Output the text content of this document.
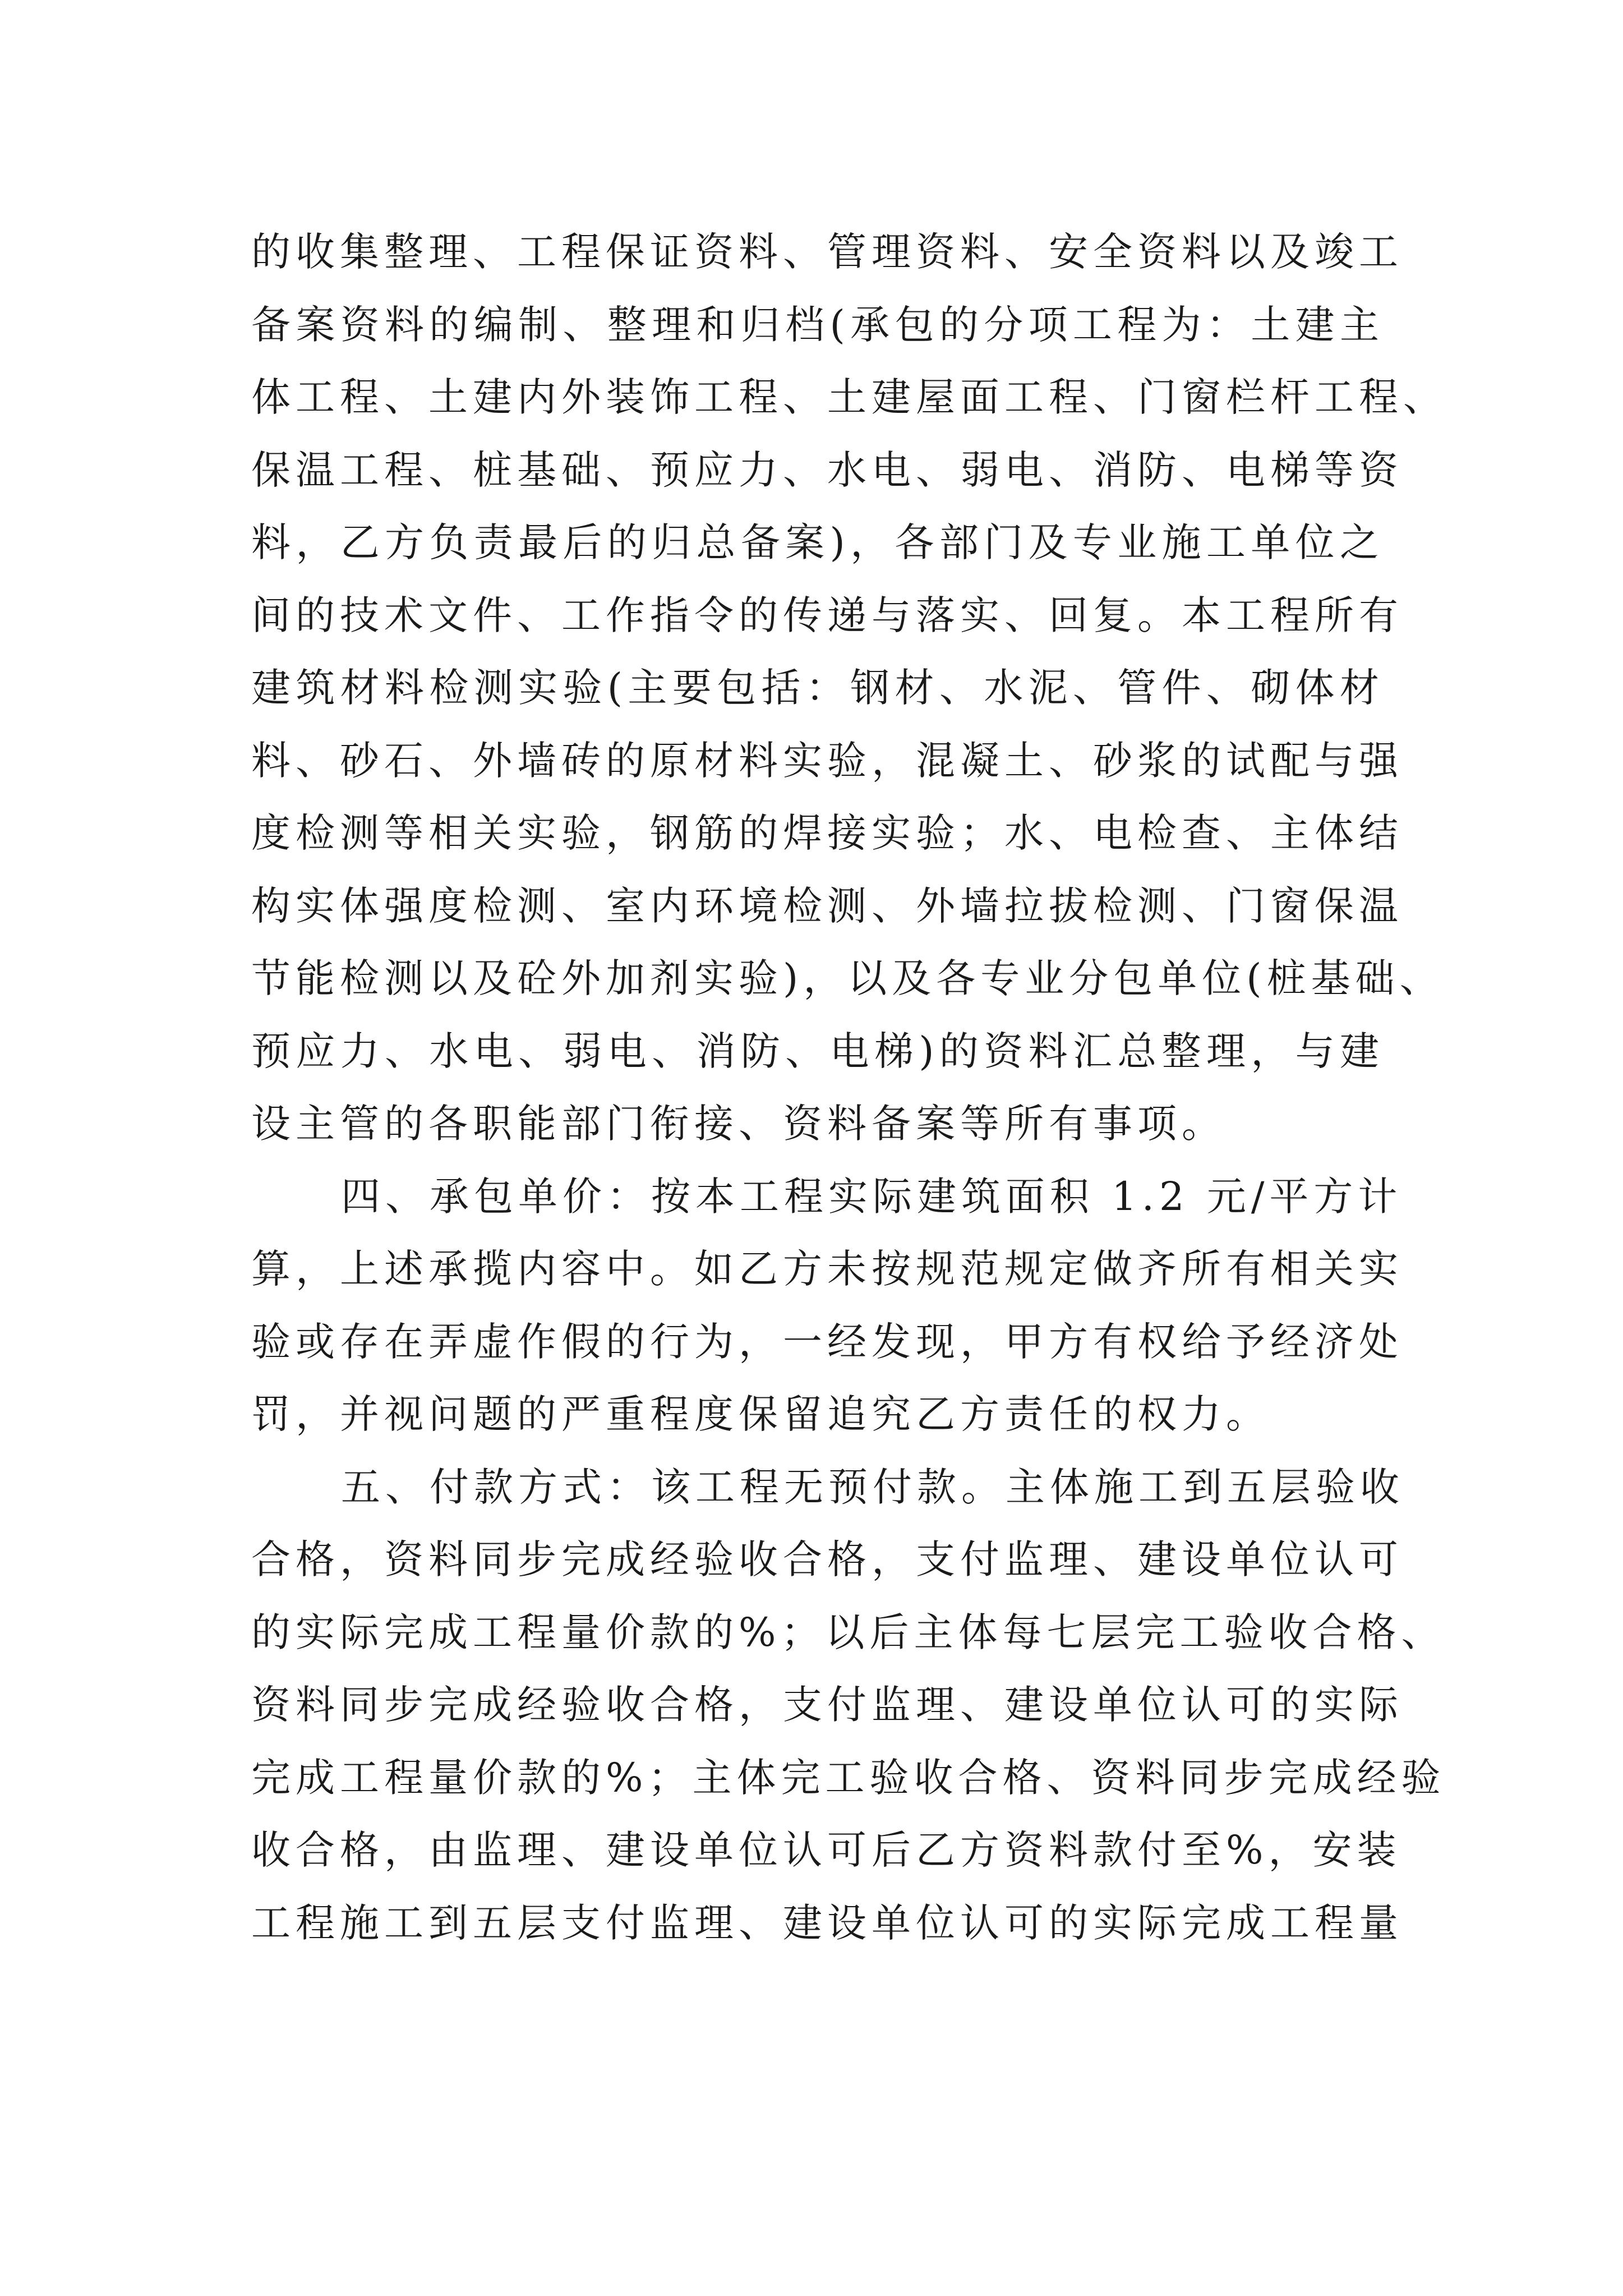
的收集整理、工程保证资料、管理资料、安全资料以及竣工
备案资料的编制、整理和归档(承包的分项工程为：土建主
体工程、土建内外装饰工程、土建屋面工程、门窗栏杆工程、
保温工程、桩基础、预应力、水电、弱电、消防、电梯等资
料，乙方负责最后的归总备案)，各部门及专业施工单位之
间的技术文件、工作指令的传递与落实、回复。本工程所有
建筑材料检测实验(主要包括：钢材、水泥、管件、砌体材
料、砂石、外墙砖的原材料实验，混凝土、砂浆的试配与强
度检测等相关实验，钢筋的焊接实验；水、电检查、主体结
构实体强度检测、室内环境检测、外墙拉拔检测、门窗保温
节能检测以及砼外加剂实验)，以及各专业分包单位(桩基础、
预应力、水电、弱电、消防、电梯)的资料汇总整理，与建
设主管的各职能部门衔接、资料备案等所有事项。
四、承包单价：按本工程实际建筑面积 1.2 元/平方计
算，上述承揽内容中。如乙方未按规范规定做齐所有相关实
验或存在弄虚作假的行为，一经发现，甲方有权给予经济处
罚，并视问题的严重程度保留追究乙方责任的权力。
五、付款方式：该工程无预付款。主体施工到五层验收
合格，资料同步完成经验收合格，支付监理、建设单位认可
的实际完成工程量价款的%；以后主体每七层完工验收合格、
资料同步完成经验收合格，支付监理、建设单位认可的实际
完成工程量价款的%；主体完工验收合格、资料同步完成经验
收合格，由监理、建设单位认可后乙方资料款付至%，安装
工程施工到五层支付监理、建设单位认可的实际完成工程量
